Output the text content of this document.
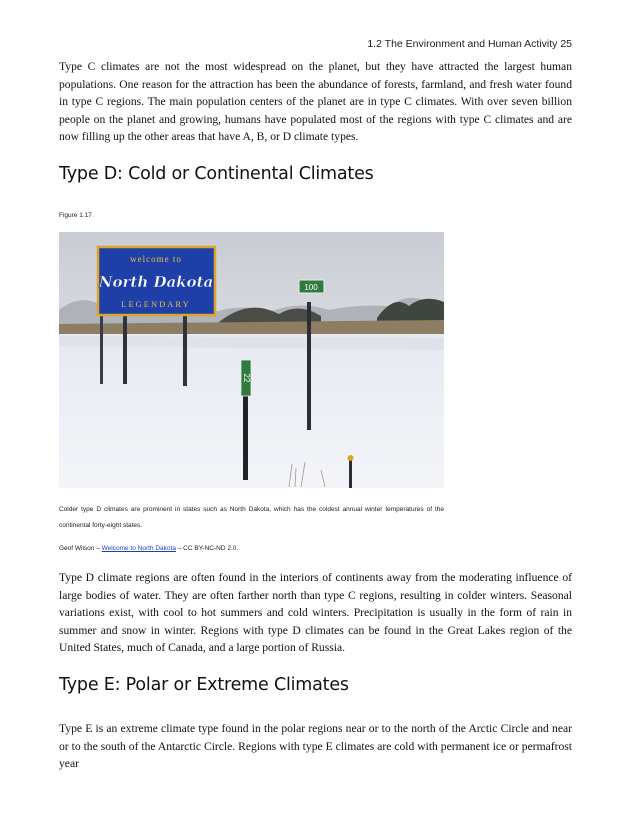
1.2 The Environment and Human Activity 25

Type C climates are not the most widespread on the planet, but they have attracted the largest human populations. One reason for the attraction has been the abundance of forests, farmland, and fresh water found in type C regions. The main population centers of the planet are in type C climates. With over seven billion people on the planet and growing, humans have populated most of the regions with type C climates and are now filling up the other areas that have A, B, or D climate types.

Type D: Cold or Continental Climates
Figure 1.17
welcome to
North Dakota
LEGENDARY
100
22

Colder type D climates are prominent in states such as North Dakota, which has the coldest annual winter temperatures of the continental forty-eight states.

Geof Wilson – Welcome to North Dakota – CC BY-NC-ND 2.0.

Type D climate regions are often found in the interiors of continents away from the moderating influence of large bodies of water. They are often farther north than type C regions, resulting in colder winters. Seasonal variations exist, with cool to hot summers and cold winters. Precipitation is usually in the form of rain in summer and snow in winter. Regions with type D climates can be found in the Great Lakes region of the United States, much of Canada, and a large portion of Russia.

Type E: Polar or Extreme Climates

Type E is an extreme climate type found in the polar regions near or to the north of the Arctic Circle and near or to the south of the Antarctic Circle. Regions with type E climates are cold with permanent ice or permafrost year
